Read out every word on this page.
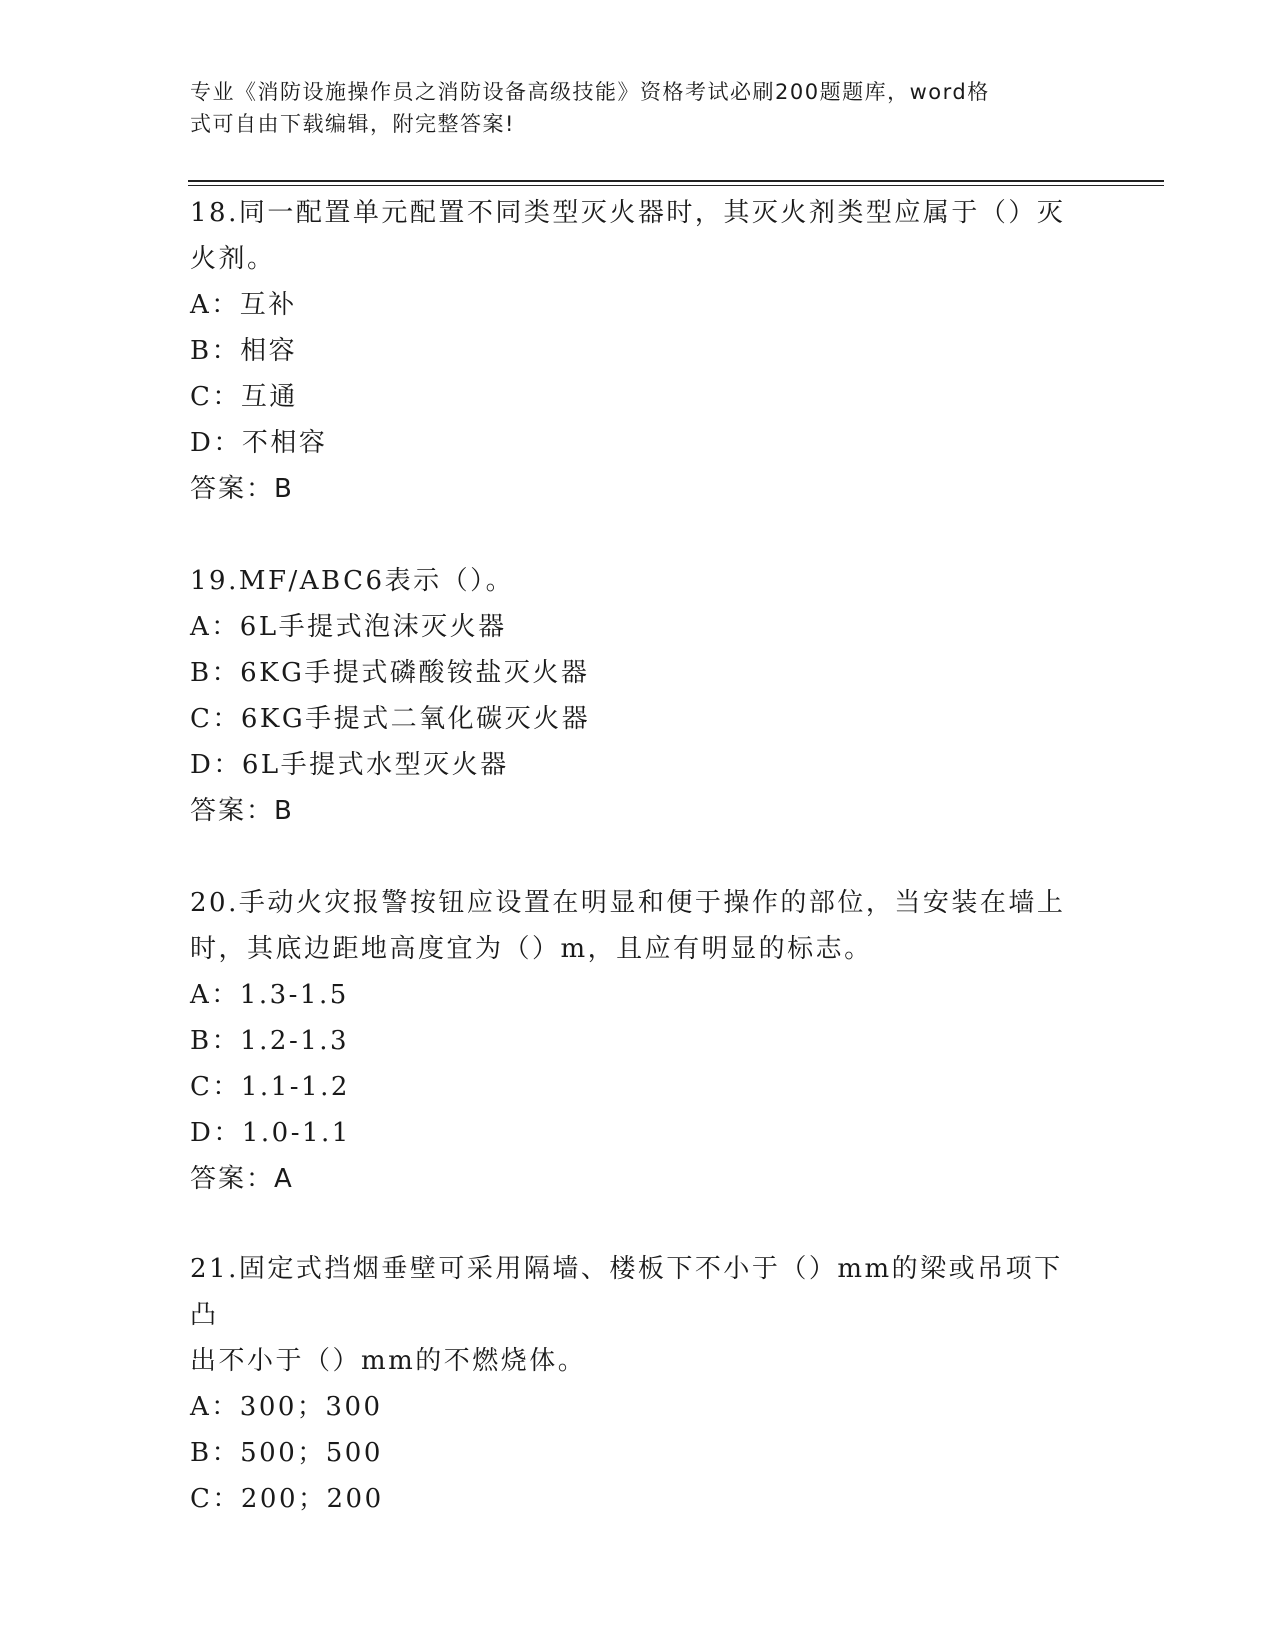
专业《消防设施操作员之消防设备高级技能》资格考试必刷200题题库，word格
式可自由下载编辑，附完整答案!
18.同一配置单元配置不同类型灭火器时，其灭火剂类型应属于（）灭
火剂。
A：互补
B：相容
C：互通
D：不相容
答案：B
19.MF/ABC6表示（）。
A：6L手提式泡沫灭火器
B：6KG手提式磷酸铵盐灭火器
C：6KG手提式二氧化碳灭火器
D：6L手提式水型灭火器
答案：B
20.手动火灾报警按钮应设置在明显和便于操作的部位，当安装在墙上
时，其底边距地高度宜为（）m，且应有明显的标志。
A：1.3-1.5
B：1.2-1.3
C：1.1-1.2
D：1.0-1.1
答案：A
21.固定式挡烟垂壁可采用隔墙、楼板下不小于（）mm的梁或吊项下凸
出不小于（）mm的不燃烧体。
A：300；300
B：500；500
C：200；200
